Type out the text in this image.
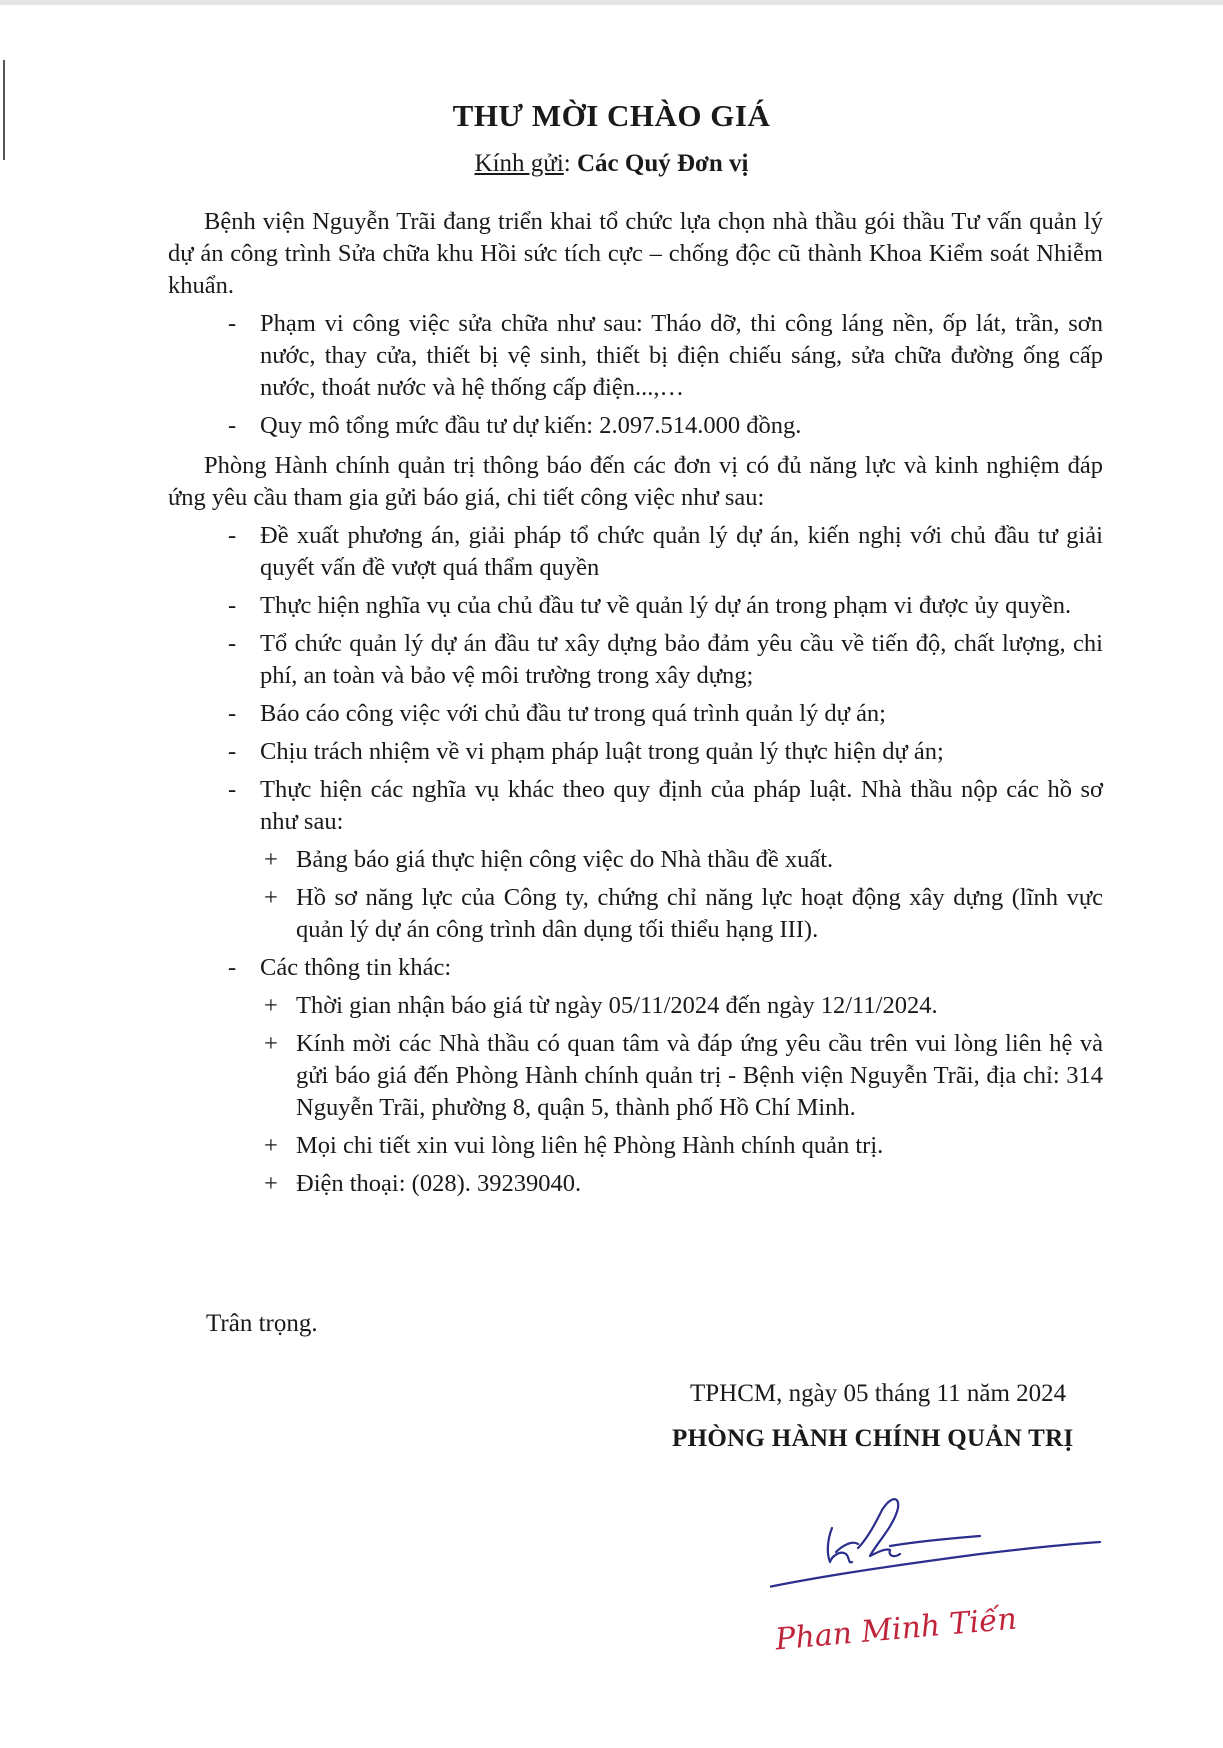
THƯ MỜI CHÀO GIÁ
Kính gửi: Các Quý Đơn vị

Bệnh viện Nguyễn Trãi đang triển khai tổ chức lựa chọn nhà thầu gói thầu Tư vấn quản lý dự án công trình Sửa chữa khu Hồi sức tích cực – chống độc cũ thành Khoa Kiểm soát Nhiễm khuẩn.

- Phạm vi công việc sửa chữa như sau: Tháo dỡ, thi công láng nền, ốp lát, trần, sơn nước, thay cửa, thiết bị vệ sinh, thiết bị điện chiếu sáng, sửa chữa đường ống cấp nước, thoát nước và hệ thống cấp điện...,…
- Quy mô tổng mức đầu tư dự kiến: 2.097.514.000 đồng.

Phòng Hành chính quản trị thông báo đến các đơn vị có đủ năng lực và kinh nghiệm đáp ứng yêu cầu tham gia gửi báo giá, chi tiết công việc như sau:

- Đề xuất phương án, giải pháp tổ chức quản lý dự án, kiến nghị với chủ đầu tư giải quyết vấn đề vượt quá thẩm quyền
- Thực hiện nghĩa vụ của chủ đầu tư về quản lý dự án trong phạm vi được ủy quyền.
- Tổ chức quản lý dự án đầu tư xây dựng bảo đảm yêu cầu về tiến độ, chất lượng, chi phí, an toàn và bảo vệ môi trường trong xây dựng;
- Báo cáo công việc với chủ đầu tư trong quá trình quản lý dự án;
- Chịu trách nhiệm về vi phạm pháp luật trong quản lý thực hiện dự án;
- Thực hiện các nghĩa vụ khác theo quy định của pháp luật. Nhà thầu nộp các hồ sơ như sau:
+ Bảng báo giá thực hiện công việc do Nhà thầu đề xuất.
+ Hồ sơ năng lực của Công ty, chứng chỉ năng lực hoạt động xây dựng (lĩnh vực quản lý dự án công trình dân dụng tối thiểu hạng III).
- Các thông tin khác:
+ Thời gian nhận báo giá từ ngày 05/11/2024 đến ngày 12/11/2024.
+ Kính mời các Nhà thầu có quan tâm và đáp ứng yêu cầu trên vui lòng liên hệ và gửi báo giá đến Phòng Hành chính quản trị - Bệnh viện Nguyễn Trãi, địa chỉ: 314 Nguyễn Trãi, phường 8, quận 5, thành phố Hồ Chí Minh.
+ Mọi chi tiết xin vui lòng liên hệ Phòng Hành chính quản trị.
+ Điện thoại: (028). 39239040.
Trân trọng.
TPHCM, ngày 05 tháng 11 năm 2024
PHÒNG HÀNH CHÍNH QUẢN TRỊ
Phan Minh Tiến
